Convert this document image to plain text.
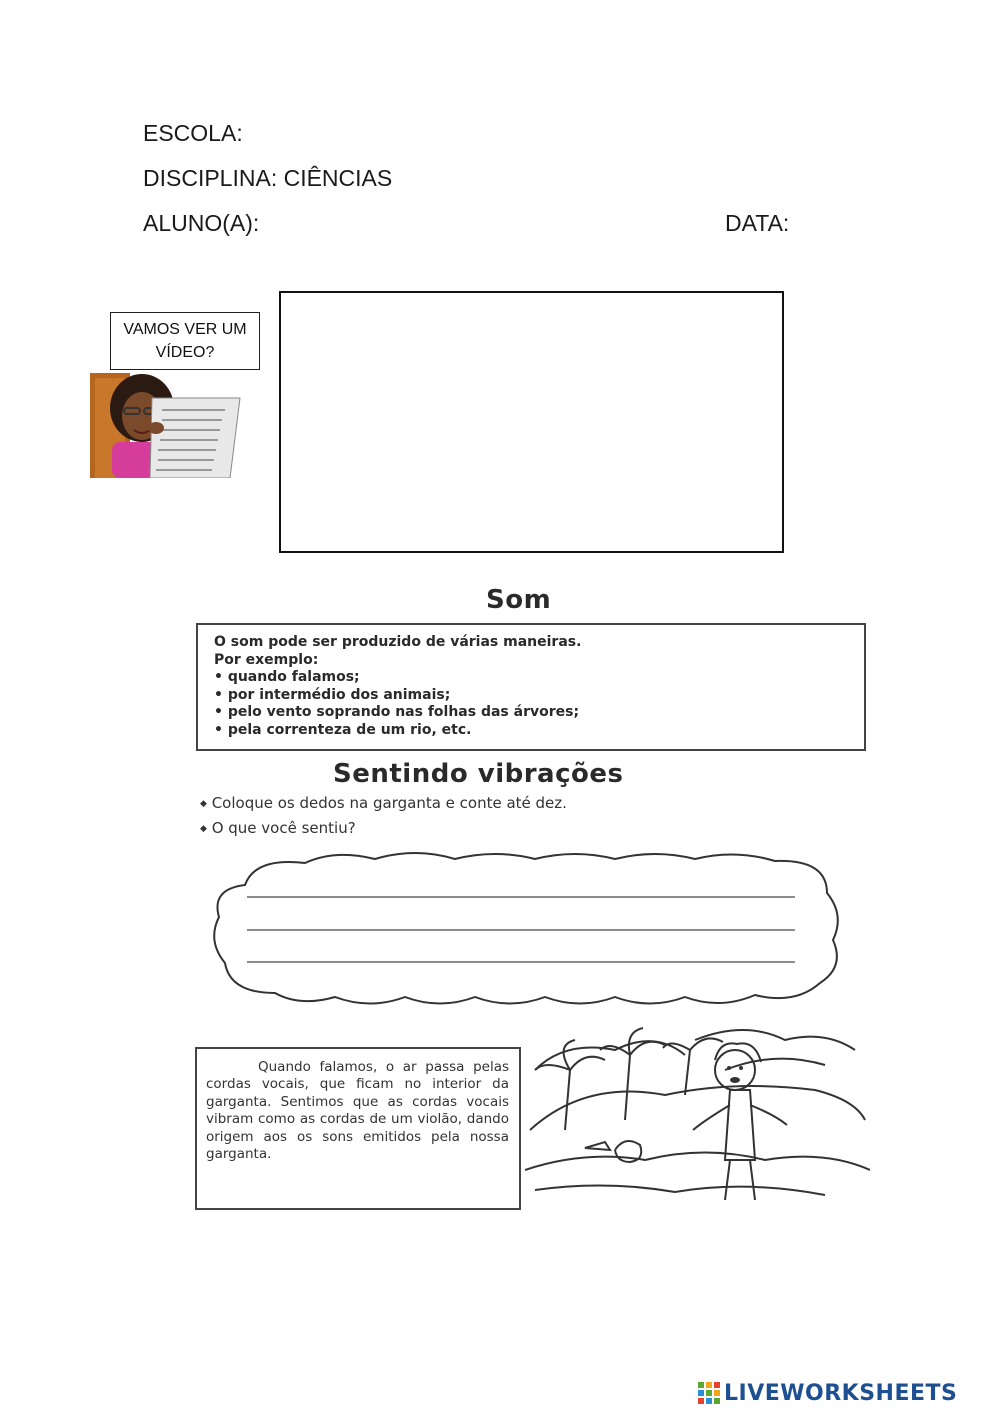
ESCOLA:
DISCIPLINA: CIÊNCIAS
ALUNO(A):	DATA:
VAMOS VER UM
VÍDEO?
Som
O som pode ser produzido de várias maneiras.
Por exemplo:
• quando falamos;
• por intermédio dos animais;
• pelo vento soprando nas folhas das árvores;
• pela correnteza de um rio, etc.
Sentindo vibrações
◆ Coloque os dedos na garganta e conte até dez.
◆ O que você sentiu?

Quando falamos, o ar passa pelas cordas vocais, que ficam no interior da garganta. Sentimos que as cordas vocais vibram como as cordas de um violão, dando origem aos os sons emitidos pela nossa garganta.

LIVEWORKSHEETS
